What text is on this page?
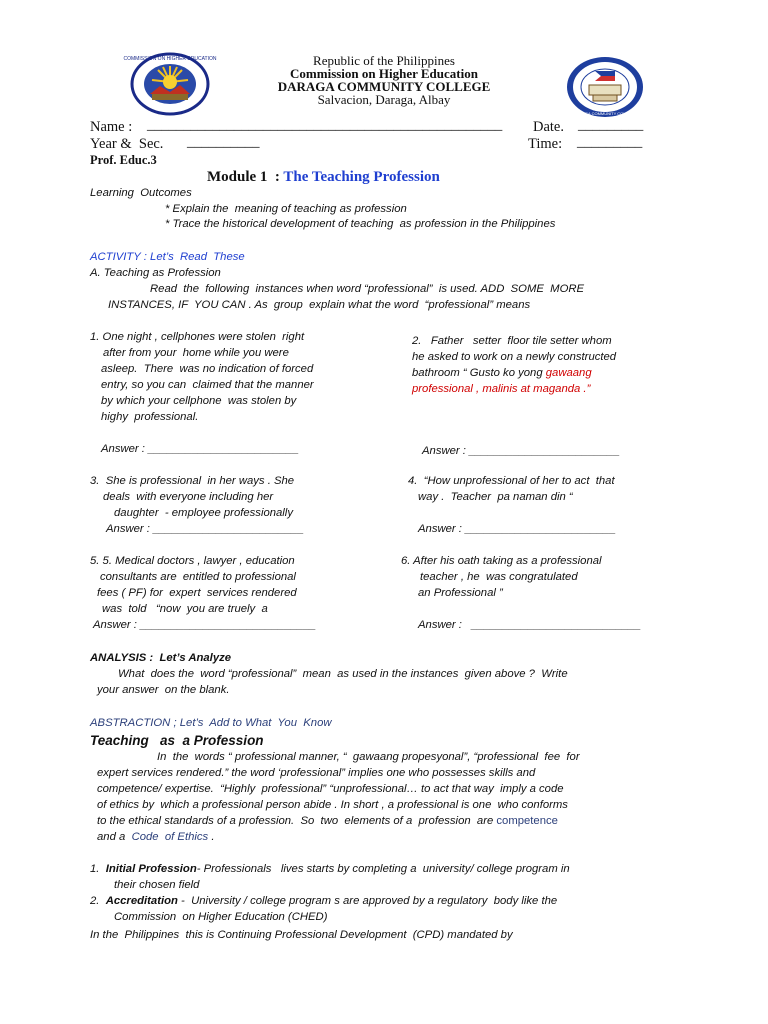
COMMISSION ON HIGHER EDUCATION
DARAGA COMMUNITY COLLEGE
Republic of the Philippines
Commission on Higher Education
DARAGA COMMUNITY COLLEGE
Salvacion, Daraga, Albay
Name : _________________________________________________ Date. _________
Year &  Sec. __________	Time: _________
Prof. Educ.3
Module 1  : The Teaching Profession
Learning  Outcomes
* Explain the  meaning of teaching as profession
* Trace the historical development of teaching  as profession in the Philippines
ACTIVITY : Let’s  Read  These
A. Teaching as Profession
Read  the  following  instances when word “professional”  is used. ADD  SOME  MORE
INSTANCES, IF  YOU CAN . As  group  explain what the word  “professional” means
1. One night , cellphones were stolen  right
after from your  home while you were
asleep.  There  was no indication of forced
entry, so you can  claimed that the manner
by which your cellphone  was stolen by
highy  professional.
2.   Father   setter  floor tile setter whom
he asked to work on a newly constructed
bathroom “ Gusto ko yong gawaang
professional , malinis at maganda .”
Answer : ________________________	Answer : ________________________
3.  She is professional  in her ways . She
deals  with everyone including her
daughter  - employee professionally
Answer : ________________________
4.  “How unprofessional of her to act  that
way .  Teacher  pa naman din “
Answer : ________________________
5. 5. Medical doctors , lawyer , education
consultants are  entitled to professional
fees ( PF) for  expert  services rendered
was  told   “now  you are truely  a
Answer : ____________________________
6. After his oath taking as a professional
teacher , he  was congratulated
an Professional ”
Answer :   ___________________________
ANALYSIS :  Let’s Analyze
What  does the  word “professional”  mean  as used in the instances  given above ?  Write
your answer  on the blank.
ABSTRACTION ; Let’s  Add to What  You  Know
Teaching   as  a Profession
In  the  words “ professional manner, “  gawaang propesyonal”, “professional  fee  for
expert services rendered.” the word ‘professional” implies one who possesses skills and
competence/ expertise.  “Highly  professional” “unprofessional… to act that way  imply a code
of ethics by  which a professional person abide . In short , a professional is one  who conforms
to the ethical standards of a profession.  So  two  elements of a  profession  are competence
and a Code  of Ethics .
1. Initial Profession- Professionals   lives starts by completing a  university/ college program in
their chosen field
2. Accreditation -  University / college program s are approved by a regulatory  body like the
Commission  on Higher Education (CHED)
In the  Philippines  this is Continuing Professional Development  (CPD) mandated by
